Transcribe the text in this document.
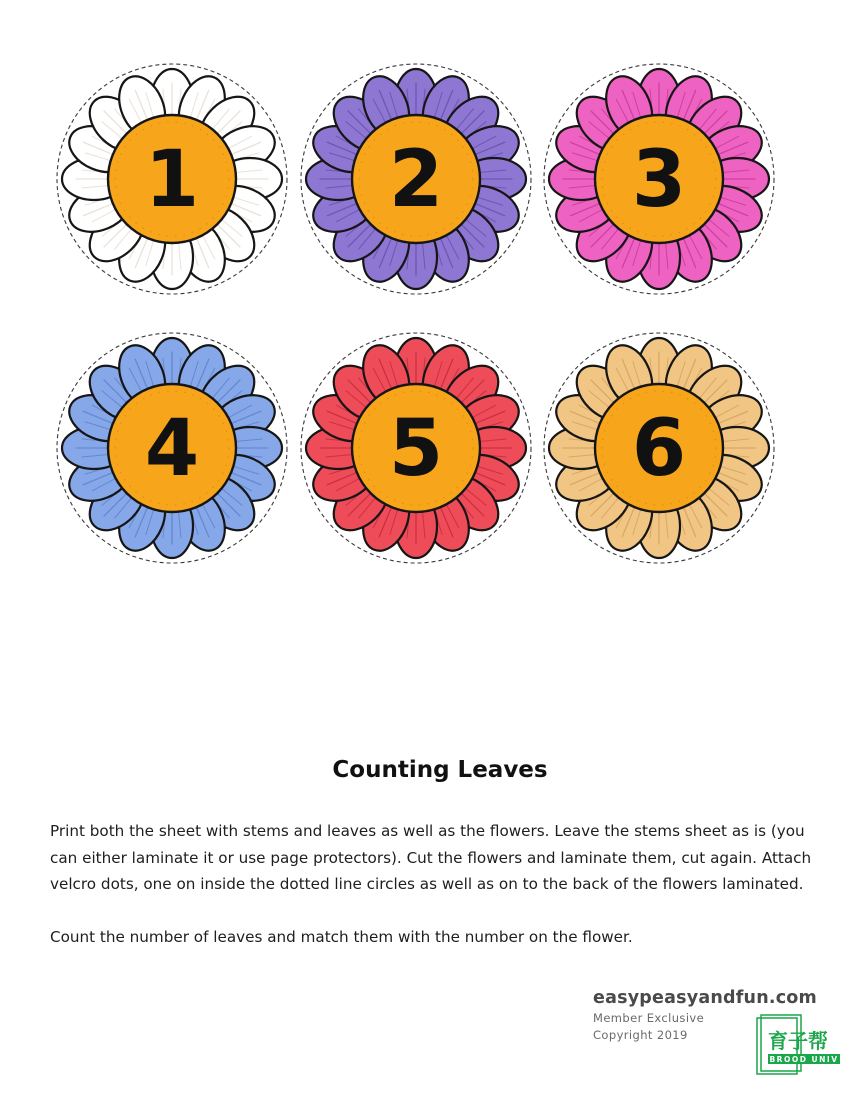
1 2 3
4 5 6
Counting Leaves

Print both the sheet with stems and leaves as well as the flowers. Leave the stems sheet as is (you can either laminate it or use page protectors). Cut the flowers and laminate them, cut again. Attach velcro dots, one on inside the dotted line circles as well as on to the back of the flowers laminated.

Count the number of leaves and match them with the number on the flower.

easypeasyandfun.com
Member Exclusive
Copyright 2019	育子帮
BROOD UNIV
